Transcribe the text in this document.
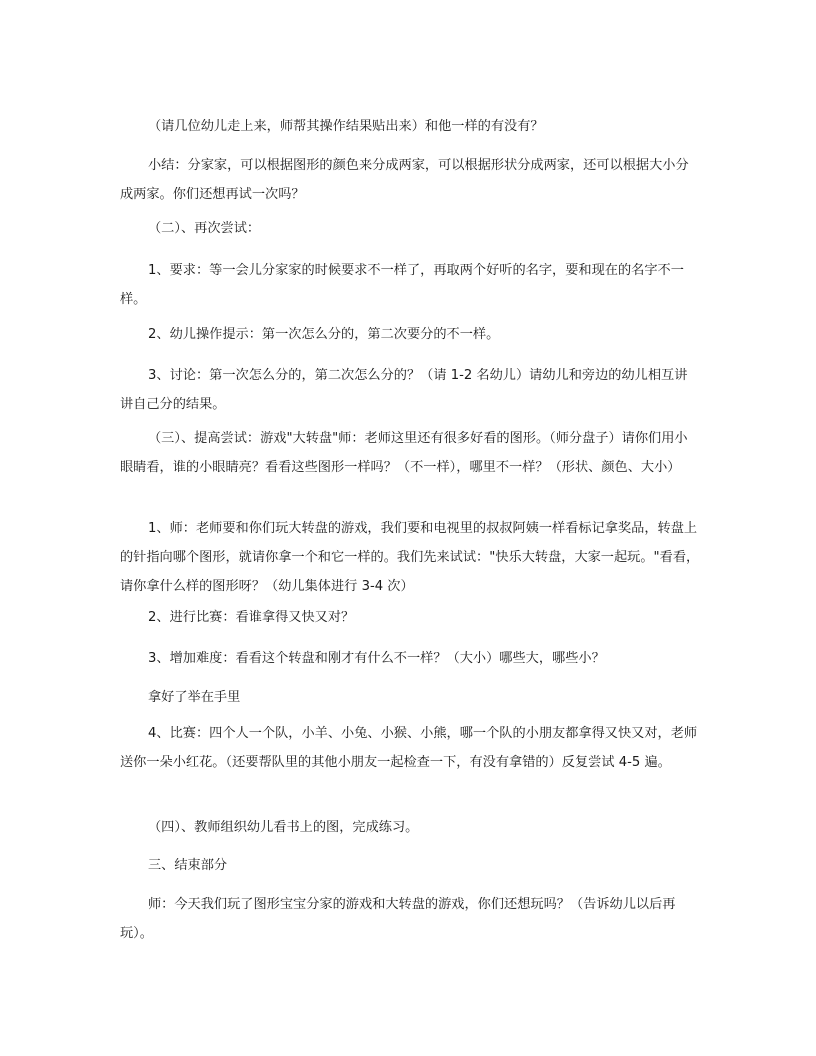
（请几位幼儿走上来，师帮其操作结果贴出来）和他一样的有没有？

小结：分家家，可以根据图形的颜色来分成两家，可以根据形状分成两家，还可以根据大小分成两家。你们还想再试一次吗？

（二）、再次尝试：

1、要求：等一会儿分家家的时候要求不一样了，再取两个好听的名字，要和现在的名字不一样。

2、幼儿操作提示：第一次怎么分的，第二次要分的不一样。

3、讨论：第一次怎么分的，第二次怎么分的？（请 1-2 名幼儿）请幼儿和旁边的幼儿相互讲讲自己分的结果。

（三）、提高尝试：游戏"大转盘"师：老师这里还有很多好看的图形。（师分盘子）请你们用小眼睛看，谁的小眼睛亮？看看这些图形一样吗？（不一样），哪里不一样？（形状、颜色、大小）

1、师：老师要和你们玩大转盘的游戏，我们要和电视里的叔叔阿姨一样看标记拿奖品，转盘上的针指向哪个图形，就请你拿一个和它一样的。我们先来试试："快乐大转盘，大家一起玩。"看看，请你拿什么样的图形呀？（幼儿集体进行 3-4 次）

2、进行比赛：看谁拿得又快又对？

3、增加难度：看看这个转盘和刚才有什么不一样？（大小）哪些大，哪些小？

拿好了举在手里

4、比赛：四个人一个队，小羊、小兔、小猴、小熊，哪一个队的小朋友都拿得又快又对，老师送你一朵小红花。（还要帮队里的其他小朋友一起检查一下，有没有拿错的）反复尝试 4-5 遍。

（四）、教师组织幼儿看书上的图，完成练习。

三、结束部分

师：今天我们玩了图形宝宝分家的游戏和大转盘的游戏，你们还想玩吗？（告诉幼儿以后再玩）。
